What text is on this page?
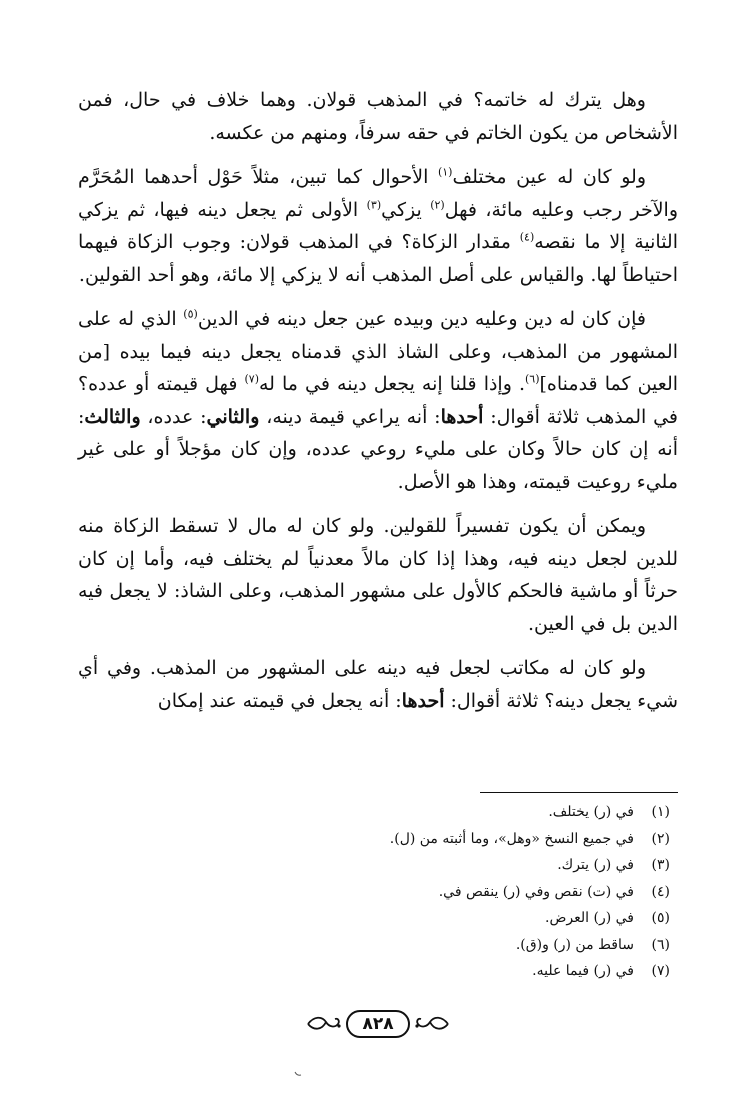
وهل يترك له خاتمه؟ في المذهب قولان. وهما خلاف في حال، فمن الأشخاص من يكون الخاتم في حقه سرفاً، ومنهم من عكسه.

ولو كان له عين مختلف$^{(١)}$ الأحوال كما تبين، مثلاً حَوْل أحدهما المُحَرَّم والآخر رجب وعليه مائة، فهل$^{(٢)}$ يزكي$^{(٣)}$ الأولى ثم يجعل دينه فيها، ثم يزكي الثانية إلا ما نقصه$^{(٤)}$ مقدار الزكاة؟ في المذهب قولان: وجوب الزكاة فيهما احتياطاً لها. والقياس على أصل المذهب أنه لا يزكي إلا مائة، وهو أحد القولين.

فإن كان له دين وعليه دين وبيده عين جعل دينه في الدين$^{(٥)}$ الذي له على المشهور من المذهب، وعلى الشاذ الذي قدمناه يجعل دينه فيما بيده [من العين كما قدمناه]$^{(٦)}$. وإذا قلنا إنه يجعل دينه في ما له$^{(٧)}$ فهل قيمته أو عدده؟ في المذهب ثلاثة أقوال: أحدها: أنه يراعي قيمة دينه، والثاني: عدده، والثالث: أنه إن كان حالاً وكان على مليء روعي عدده، وإن كان مؤجلاً أو على غير مليء روعيت قيمته، وهذا هو الأصل.

ويمكن أن يكون تفسيراً للقولين. ولو كان له مال لا تسقط الزكاة منه للدين لجعل دينه فيه، وهذا إذا كان مالاً معدنياً لم يختلف فيه، وأما إن كان حرثاً أو ماشية فالحكم كالأول على مشهور المذهب، وعلى الشاذ: لا يجعل فيه الدين بل في العين.

ولو كان له مكاتب لجعل فيه دينه على المشهور من المذهب. وفي أي شيء يجعل دينه؟ ثلاثة أقوال: أحدها: أنه يجعل في قيمته عند إمكان

(١)
في (ر) يختلف.
(٢)
في جميع النسخ «وهل»، وما أثبته من (ل).
(٣)
في (ر) يترك.
(٤)
في (ت) نقص وفي (ر) ينقص في.
(٥)
في (ر) العرض.
(٦)
ساقط من (ر) و(ق).
(٧)
في (ر) فيما عليه.
٨٢٨
